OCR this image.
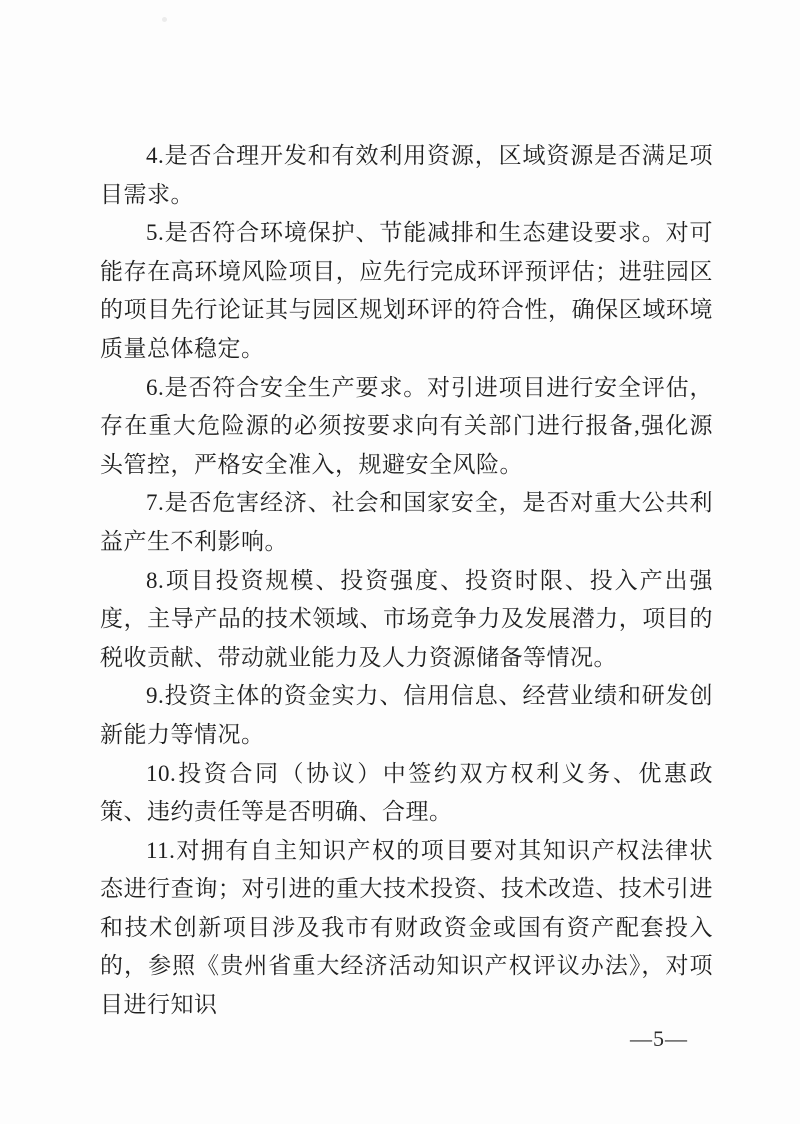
4.是否合理开发和有效利用资源，区域资源是否满足项目需求。

5.是否符合环境保护、节能减排和生态建设要求。对可能存在高环境风险项目，应先行完成环评预评估；进驻园区的项目先行论证其与园区规划环评的符合性，确保区域环境质量总体稳定。

6.是否符合安全生产要求。对引进项目进行安全评估，存在重大危险源的必须按要求向有关部门进行报备,强化源头管控，严格安全准入，规避安全风险。

7.是否危害经济、社会和国家安全，是否对重大公共利益产生不利影响。

8.项目投资规模、投资强度、投资时限、投入产出强度，主导产品的技术领域、市场竞争力及发展潜力，项目的税收贡献、带动就业能力及人力资源储备等情况。

9.投资主体的资金实力、信用信息、经营业绩和研发创新能力等情况。

10.投资合同（协议）中签约双方权利义务、优惠政策、违约责任等是否明确、合理。

11.对拥有自主知识产权的项目要对其知识产权法律状态进行查询；对引进的重大技术投资、技术改造、技术引进和技术创新项目涉及我市有财政资金或国有资产配套投入的，参照《贵州省重大经济活动知识产权评议办法》，对项目进行知识

—5—
